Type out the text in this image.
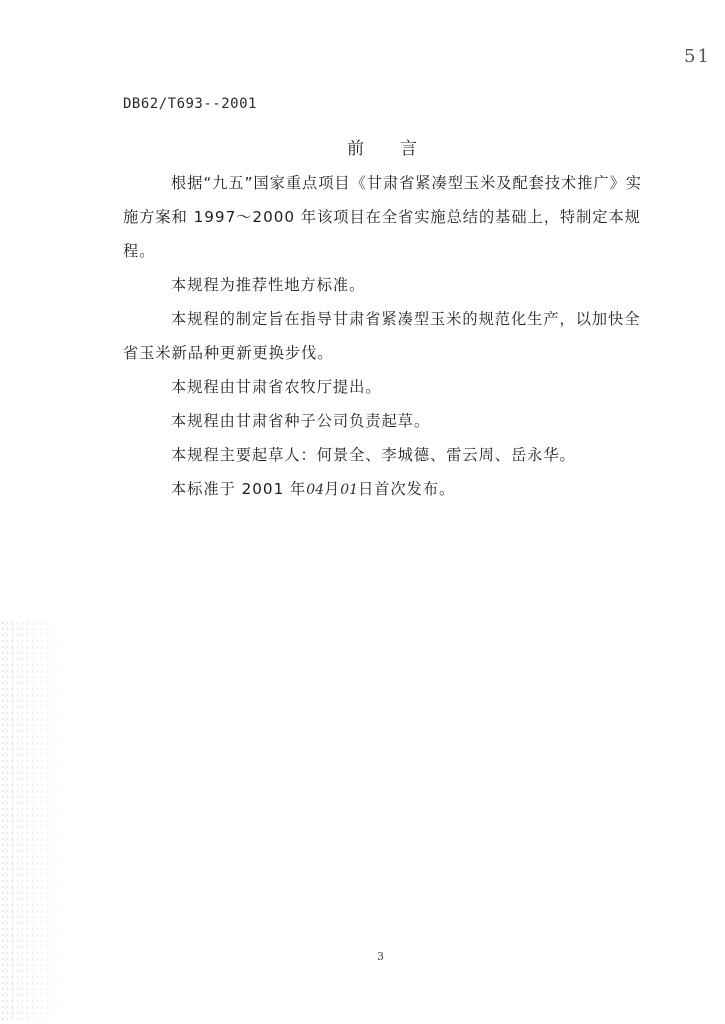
51
DB62/T693--2001
前言

根据“九五”国家重点项目《甘肃省紧凑型玉米及配套技术推广》实施方案和 1997～2000 年该项目在全省实施总结的基础上，特制定本规程。

本规程为推荐性地方标准。

本规程的制定旨在指导甘肃省紧凑型玉米的规范化生产，以加快全省玉米新品种更新更换步伐。

本规程由甘肃省农牧厅提出。

本规程由甘肃省种子公司负责起草。

本规程主要起草人：何景全、李城德、雷云周、岳永华。

本标准于 2001 年04月01日首次发布。

3
